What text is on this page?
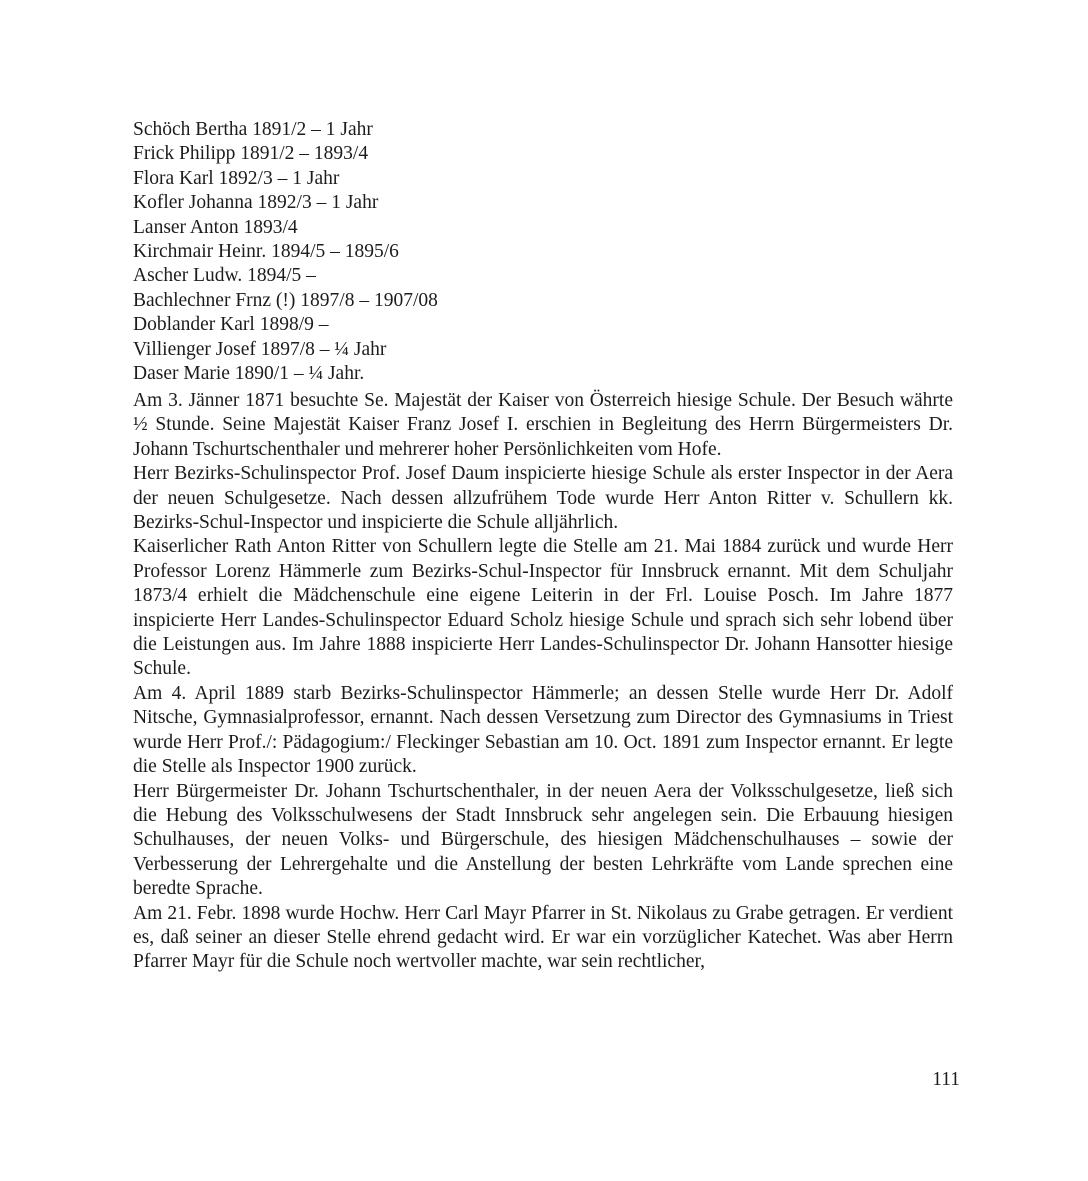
Schöch Bertha 1891/2 – 1 Jahr
Frick Philipp 1891/2 – 1893/4
Flora Karl 1892/3 – 1 Jahr
Kofler Johanna 1892/3 – 1 Jahr
Lanser Anton 1893/4
Kirchmair Heinr. 1894/5 – 1895/6
Ascher Ludw. 1894/5 –
Bachlechner Frnz (!) 1897/8 – 1907/08
Doblander Karl 1898/9 –
Villienger Josef 1897/8 – ¼ Jahr
Daser Marie 1890/1 – ¼ Jahr.

Am 3. Jänner 1871 besuchte Se. Majestät der Kaiser von Österreich hiesige Schule. Der Besuch währte ½ Stunde. Seine Majestät Kaiser Franz Josef I. erschien in Begleitung des Herrn Bürgermeisters Dr. Johann Tschurtschenthaler und mehrerer hoher Persönlichkeiten vom Hofe.

Herr Bezirks-Schulinspector Prof. Josef Daum inspicierte hiesige Schule als erster Inspector in der Aera der neuen Schulgesetze. Nach dessen allzufrühem Tode wurde Herr Anton Ritter v. Schullern kk. Bezirks-Schul-Inspector und inspicierte die Schule alljährlich.

Kaiserlicher Rath Anton Ritter von Schullern legte die Stelle am 21. Mai 1884 zurück und wurde Herr Professor Lorenz Hämmerle zum Bezirks-Schul-Inspector für Innsbruck ernannt. Mit dem Schuljahr 1873/4 erhielt die Mädchenschule eine eigene Leiterin in der Frl. Louise Posch. Im Jahre 1877 inspicierte Herr Landes-Schulinspector Eduard Scholz hiesige Schule und sprach sich sehr lobend über die Leistungen aus. Im Jahre 1888 inspicierte Herr Landes-Schulinspector Dr. Johann Hansotter hiesige Schule.

Am 4. April 1889 starb Bezirks-Schulinspector Hämmerle; an dessen Stelle wurde Herr Dr. Adolf Nitsche, Gymnasialprofessor, ernannt. Nach dessen Versetzung zum Director des Gymnasiums in Triest wurde Herr Prof./: Pädagogium:/ Fleckinger Sebastian am 10. Oct. 1891 zum Inspector ernannt. Er legte die Stelle als Inspector 1900 zurück.

Herr Bürgermeister Dr. Johann Tschurtschenthaler, in der neuen Aera der Volksschulgesetze, ließ sich die Hebung des Volksschulwesens der Stadt Innsbruck sehr angelegen sein. Die Erbauung hiesigen Schulhauses, der neuen Volks- und Bürgerschule, des hiesigen Mädchenschulhauses – sowie der Verbesserung der Lehrergehalte und die Anstellung der besten Lehrkräfte vom Lande sprechen eine beredte Sprache.

Am 21. Febr. 1898 wurde Hochw. Herr Carl Mayr Pfarrer in St. Nikolaus zu Grabe getragen. Er verdient es, daß seiner an dieser Stelle ehrend gedacht wird. Er war ein vorzüglicher Katechet. Was aber Herrn Pfarrer Mayr für die Schule noch wertvoller machte, war sein rechtlicher,

111
